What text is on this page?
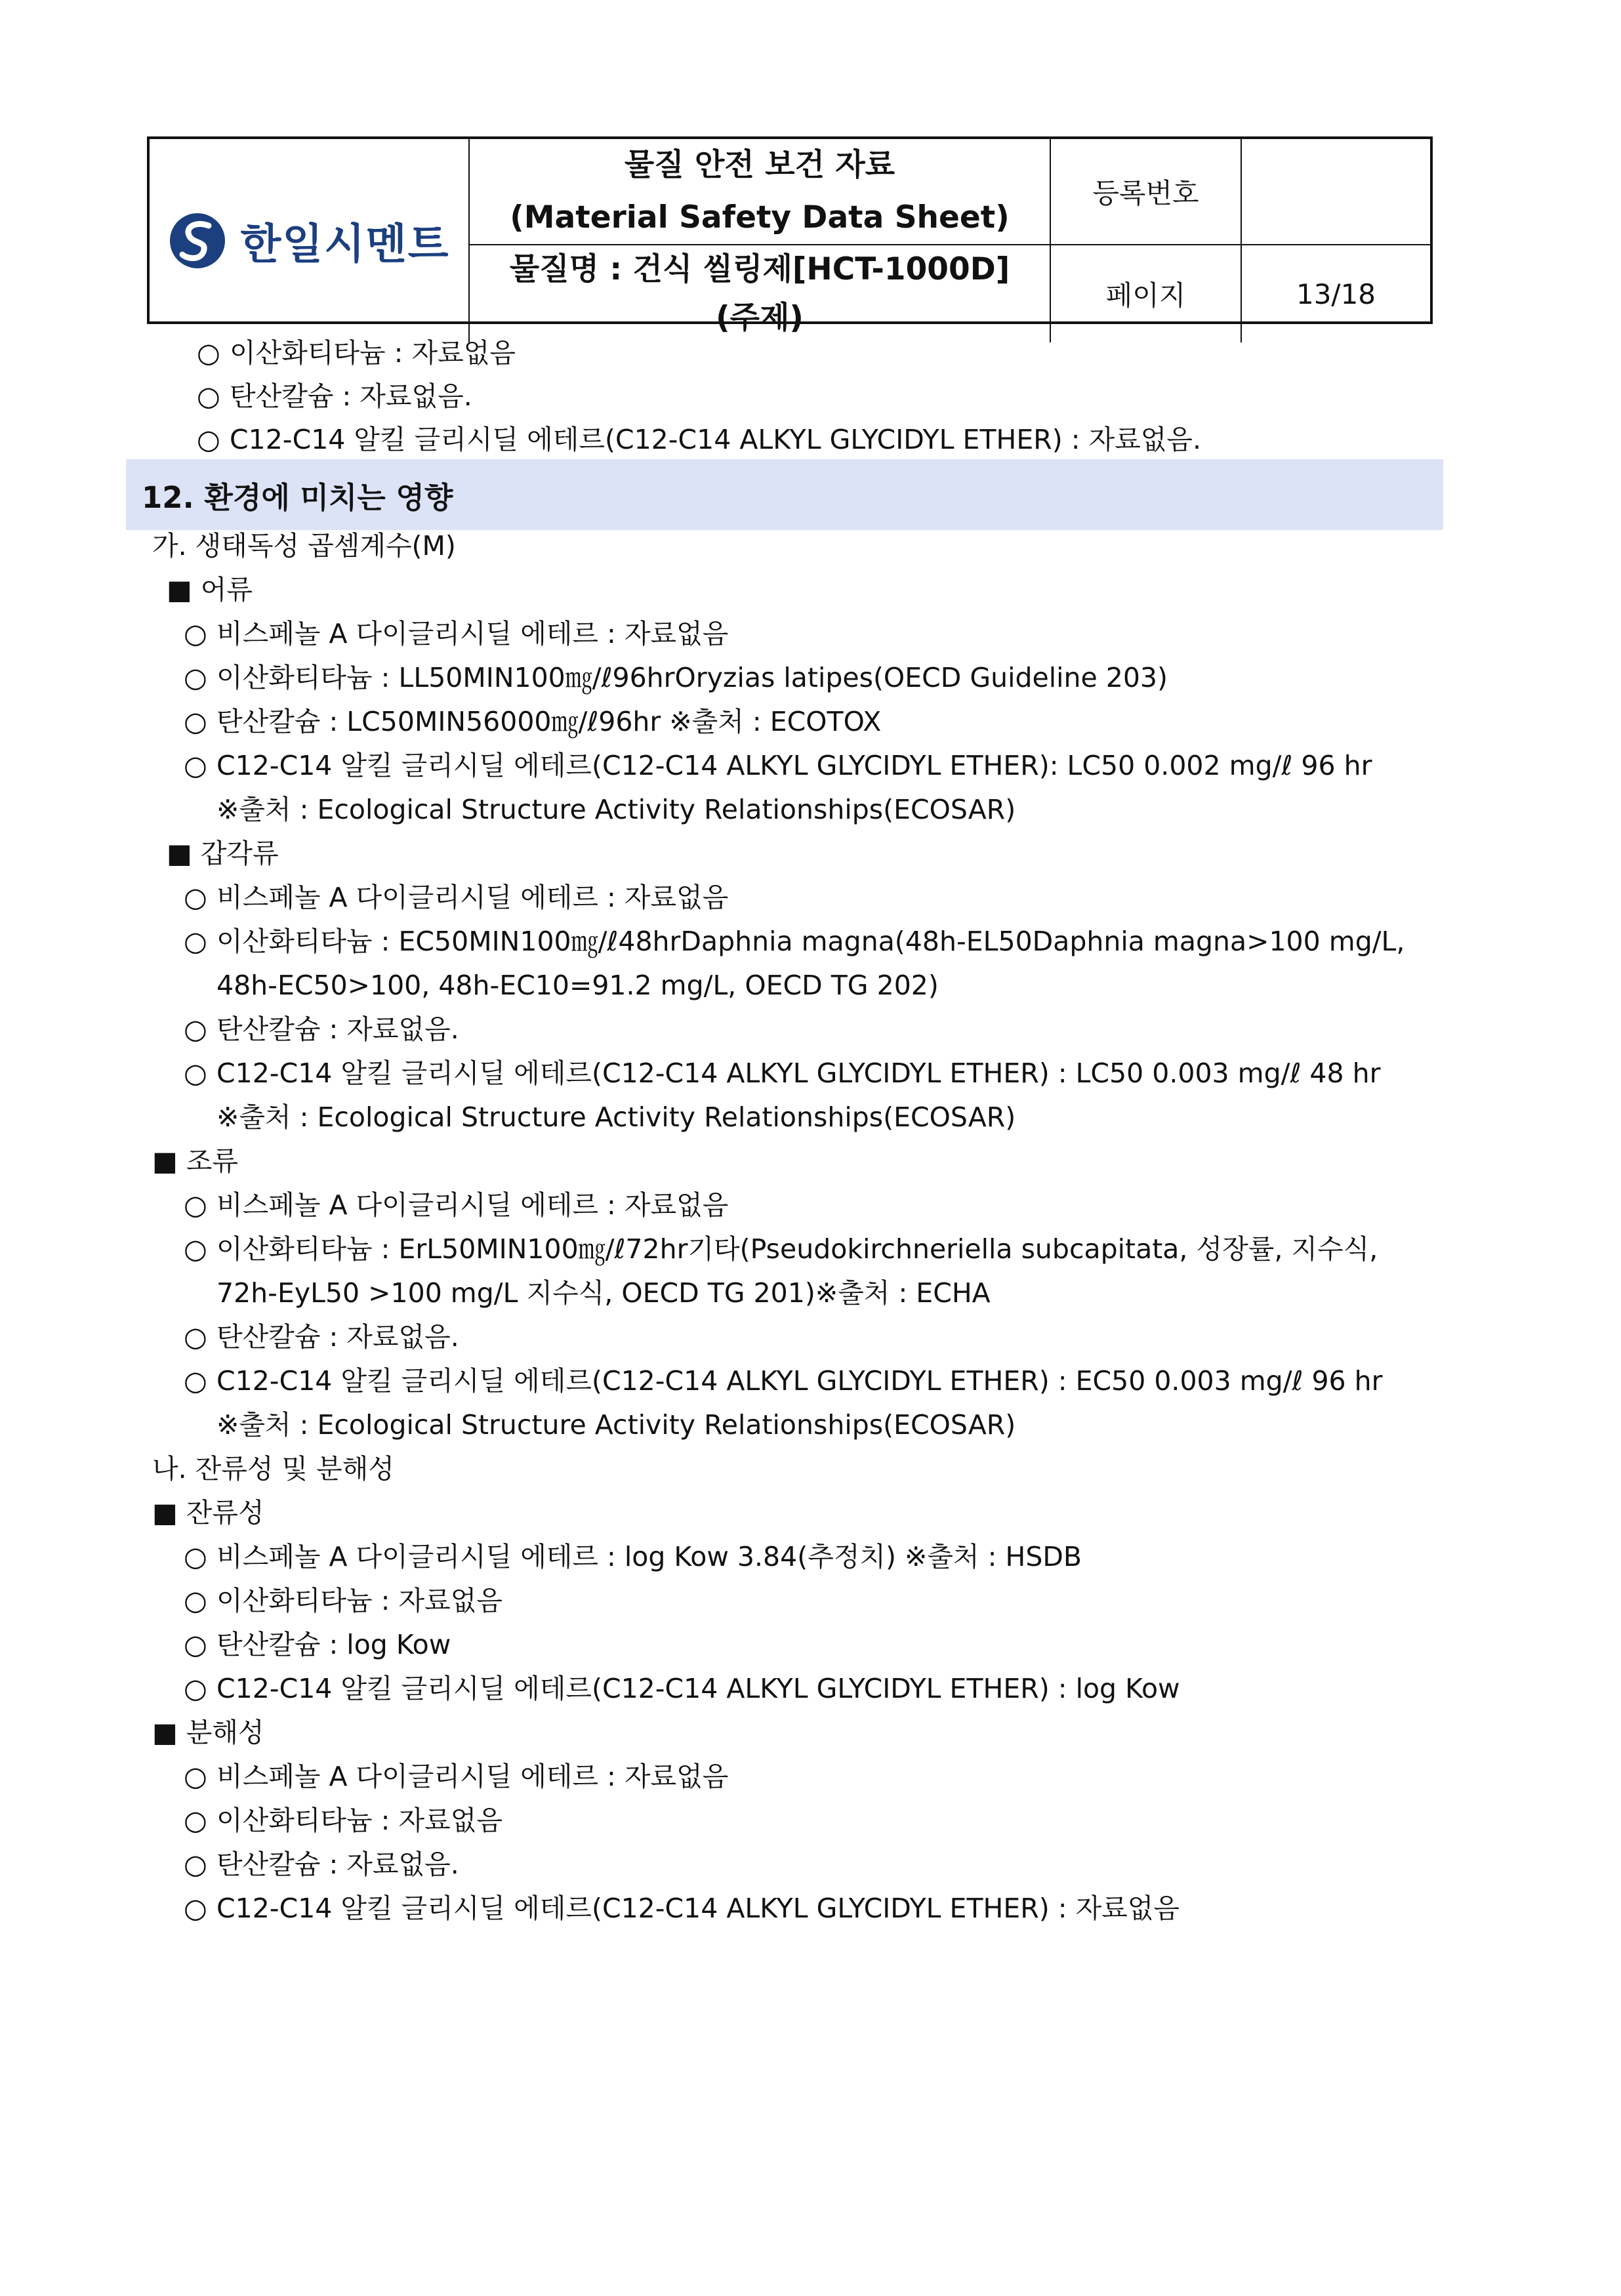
한일시멘트
물질 안전 보건 자료
(Material Safety Data Sheet)
등록번호
물질명 : 건식 씰링제[HCT-1000D]
(주제)
페이지	13/18
○ 이산화티타늄 : 자료없음
○ 탄산칼슘 : 자료없음.
○ C12-C14 알킬 글리시딜 에테르(C12-C14 ALKYL GLYCIDYL ETHER) : 자료없음.
12. 환경에 미치는 영향
가. 생태독성 곱셈계수(M)
■ 어류
○ 비스페놀 A 다이글리시딜 에테르 : 자료없음
○ 이산화티타늄 : LL50MIN100㎎/ℓ96hrOryzias latipes(OECD Guideline 203)
○ 탄산칼슘 : LC50MIN56000㎎/ℓ96hr ※출처 : ECOTOX
○ C12-C14 알킬 글리시딜 에테르(C12-C14 ALKYL GLYCIDYL ETHER): LC50 0.002 mg/ℓ 96 hr
※출처 : Ecological Structure Activity Relationships(ECOSAR)
■ 갑각류
○ 비스페놀 A 다이글리시딜 에테르 : 자료없음
○ 이산화티타늄 : EC50MIN100㎎/ℓ48hrDaphnia magna(48h-EL50Daphnia magna>100 mg/L,
48h-EC50>100, 48h-EC10=91.2 mg/L, OECD TG 202)
○ 탄산칼슘 : 자료없음.
○ C12-C14 알킬 글리시딜 에테르(C12-C14 ALKYL GLYCIDYL ETHER) : LC50 0.003 mg/ℓ 48 hr
※출처 : Ecological Structure Activity Relationships(ECOSAR)
■ 조류
○ 비스페놀 A 다이글리시딜 에테르 : 자료없음
○ 이산화티타늄 : ErL50MIN100㎎/ℓ72hr기타(Pseudokirchneriella subcapitata, 성장률, 지수식,
72h-EyL50 >100 mg/L 지수식, OECD TG 201)※출처 : ECHA
○ 탄산칼슘 : 자료없음.
○ C12-C14 알킬 글리시딜 에테르(C12-C14 ALKYL GLYCIDYL ETHER) : EC50 0.003 mg/ℓ 96 hr
※출처 : Ecological Structure Activity Relationships(ECOSAR)
나. 잔류성 및 분해성
■ 잔류성
○ 비스페놀 A 다이글리시딜 에테르 : log Kow 3.84(추정치) ※출처 : HSDB
○ 이산화티타늄 : 자료없음
○ 탄산칼슘 : log Kow
○ C12-C14 알킬 글리시딜 에테르(C12-C14 ALKYL GLYCIDYL ETHER) : log Kow
■ 분해성
○ 비스페놀 A 다이글리시딜 에테르 : 자료없음
○ 이산화티타늄 : 자료없음
○ 탄산칼슘 : 자료없음.
○ C12-C14 알킬 글리시딜 에테르(C12-C14 ALKYL GLYCIDYL ETHER) : 자료없음
